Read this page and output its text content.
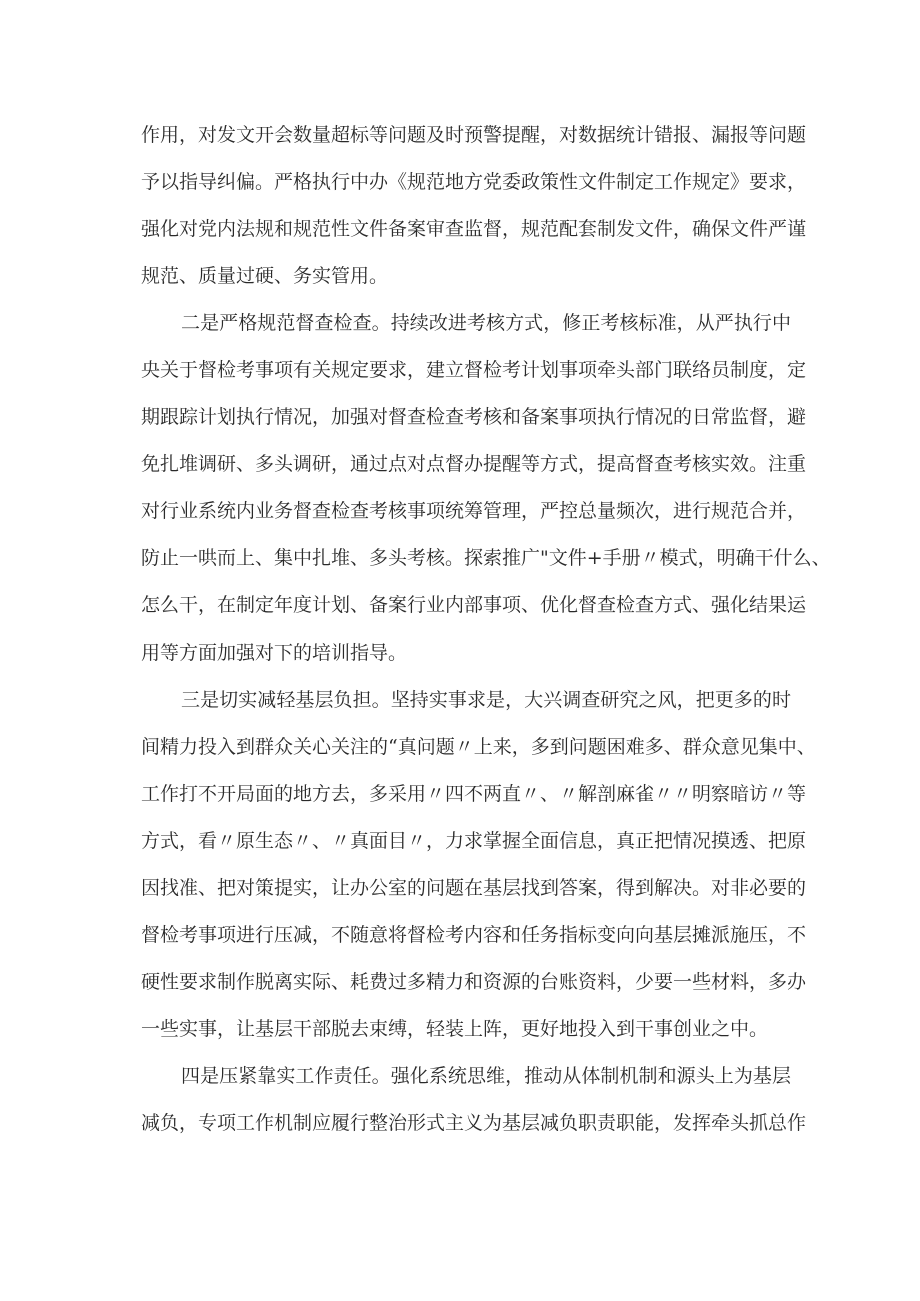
作用，对发文开会数量超标等问题及时预警提醒，对数据统计错报、漏报等问题
予以指导纠偏。严格执行中办《规范地方党委政策性文件制定工作规定》要求，
强化对党内法规和规范性文件备案审查监督，规范配套制发文件，确保文件严谨
规范、质量过硬、务实管用。
二是严格规范督查检查。持续改进考核方式，修正考核标准，从严执行中
央关于督检考事项有关规定要求，建立督检考计划事项牵头部门联络员制度，定
期跟踪计划执行情况，加强对督查检查考核和备案事项执行情况的日常监督，避
免扎堆调研、多头调研，通过点对点督办提醒等方式，提高督查考核实效。注重
对行业系统内业务督查检查考核事项统筹管理，严控总量频次，进行规范合并，
防止一哄而上、集中扎堆、多头考核。探索推广"文件+手册〃模式，明确干什么、
怎么干，在制定年度计划、备案行业内部事项、优化督查检查方式、强化结果运
用等方面加强对下的培训指导。
三是切实减轻基层负担。坚持实事求是，大兴调查研究之风，把更多的时
间精力投入到群众关心关注的“真问题〃上来，多到问题困难多、群众意见集中、
工作打不开局面的地方去，多采用〃四不两直〃、〃解剖麻雀〃〃明察暗访〃等
方式，看〃原生态〃、〃真面目〃，力求掌握全面信息，真正把情况摸透、把原
因找准、把对策提实，让办公室的问题在基层找到答案，得到解决。对非必要的
督检考事项进行压减，不随意将督检考内容和任务指标变向向基层摊派施压，不
硬性要求制作脱离实际、耗费过多精力和资源的台账资料，少要一些材料，多办
一些实事，让基层干部脱去束缚，轻装上阵，更好地投入到干事创业之中。
四是压紧靠实工作责任。强化系统思维，推动从体制机制和源头上为基层
减负，专项工作机制应履行整治形式主义为基层减负职责职能，发挥牵头抓总作
